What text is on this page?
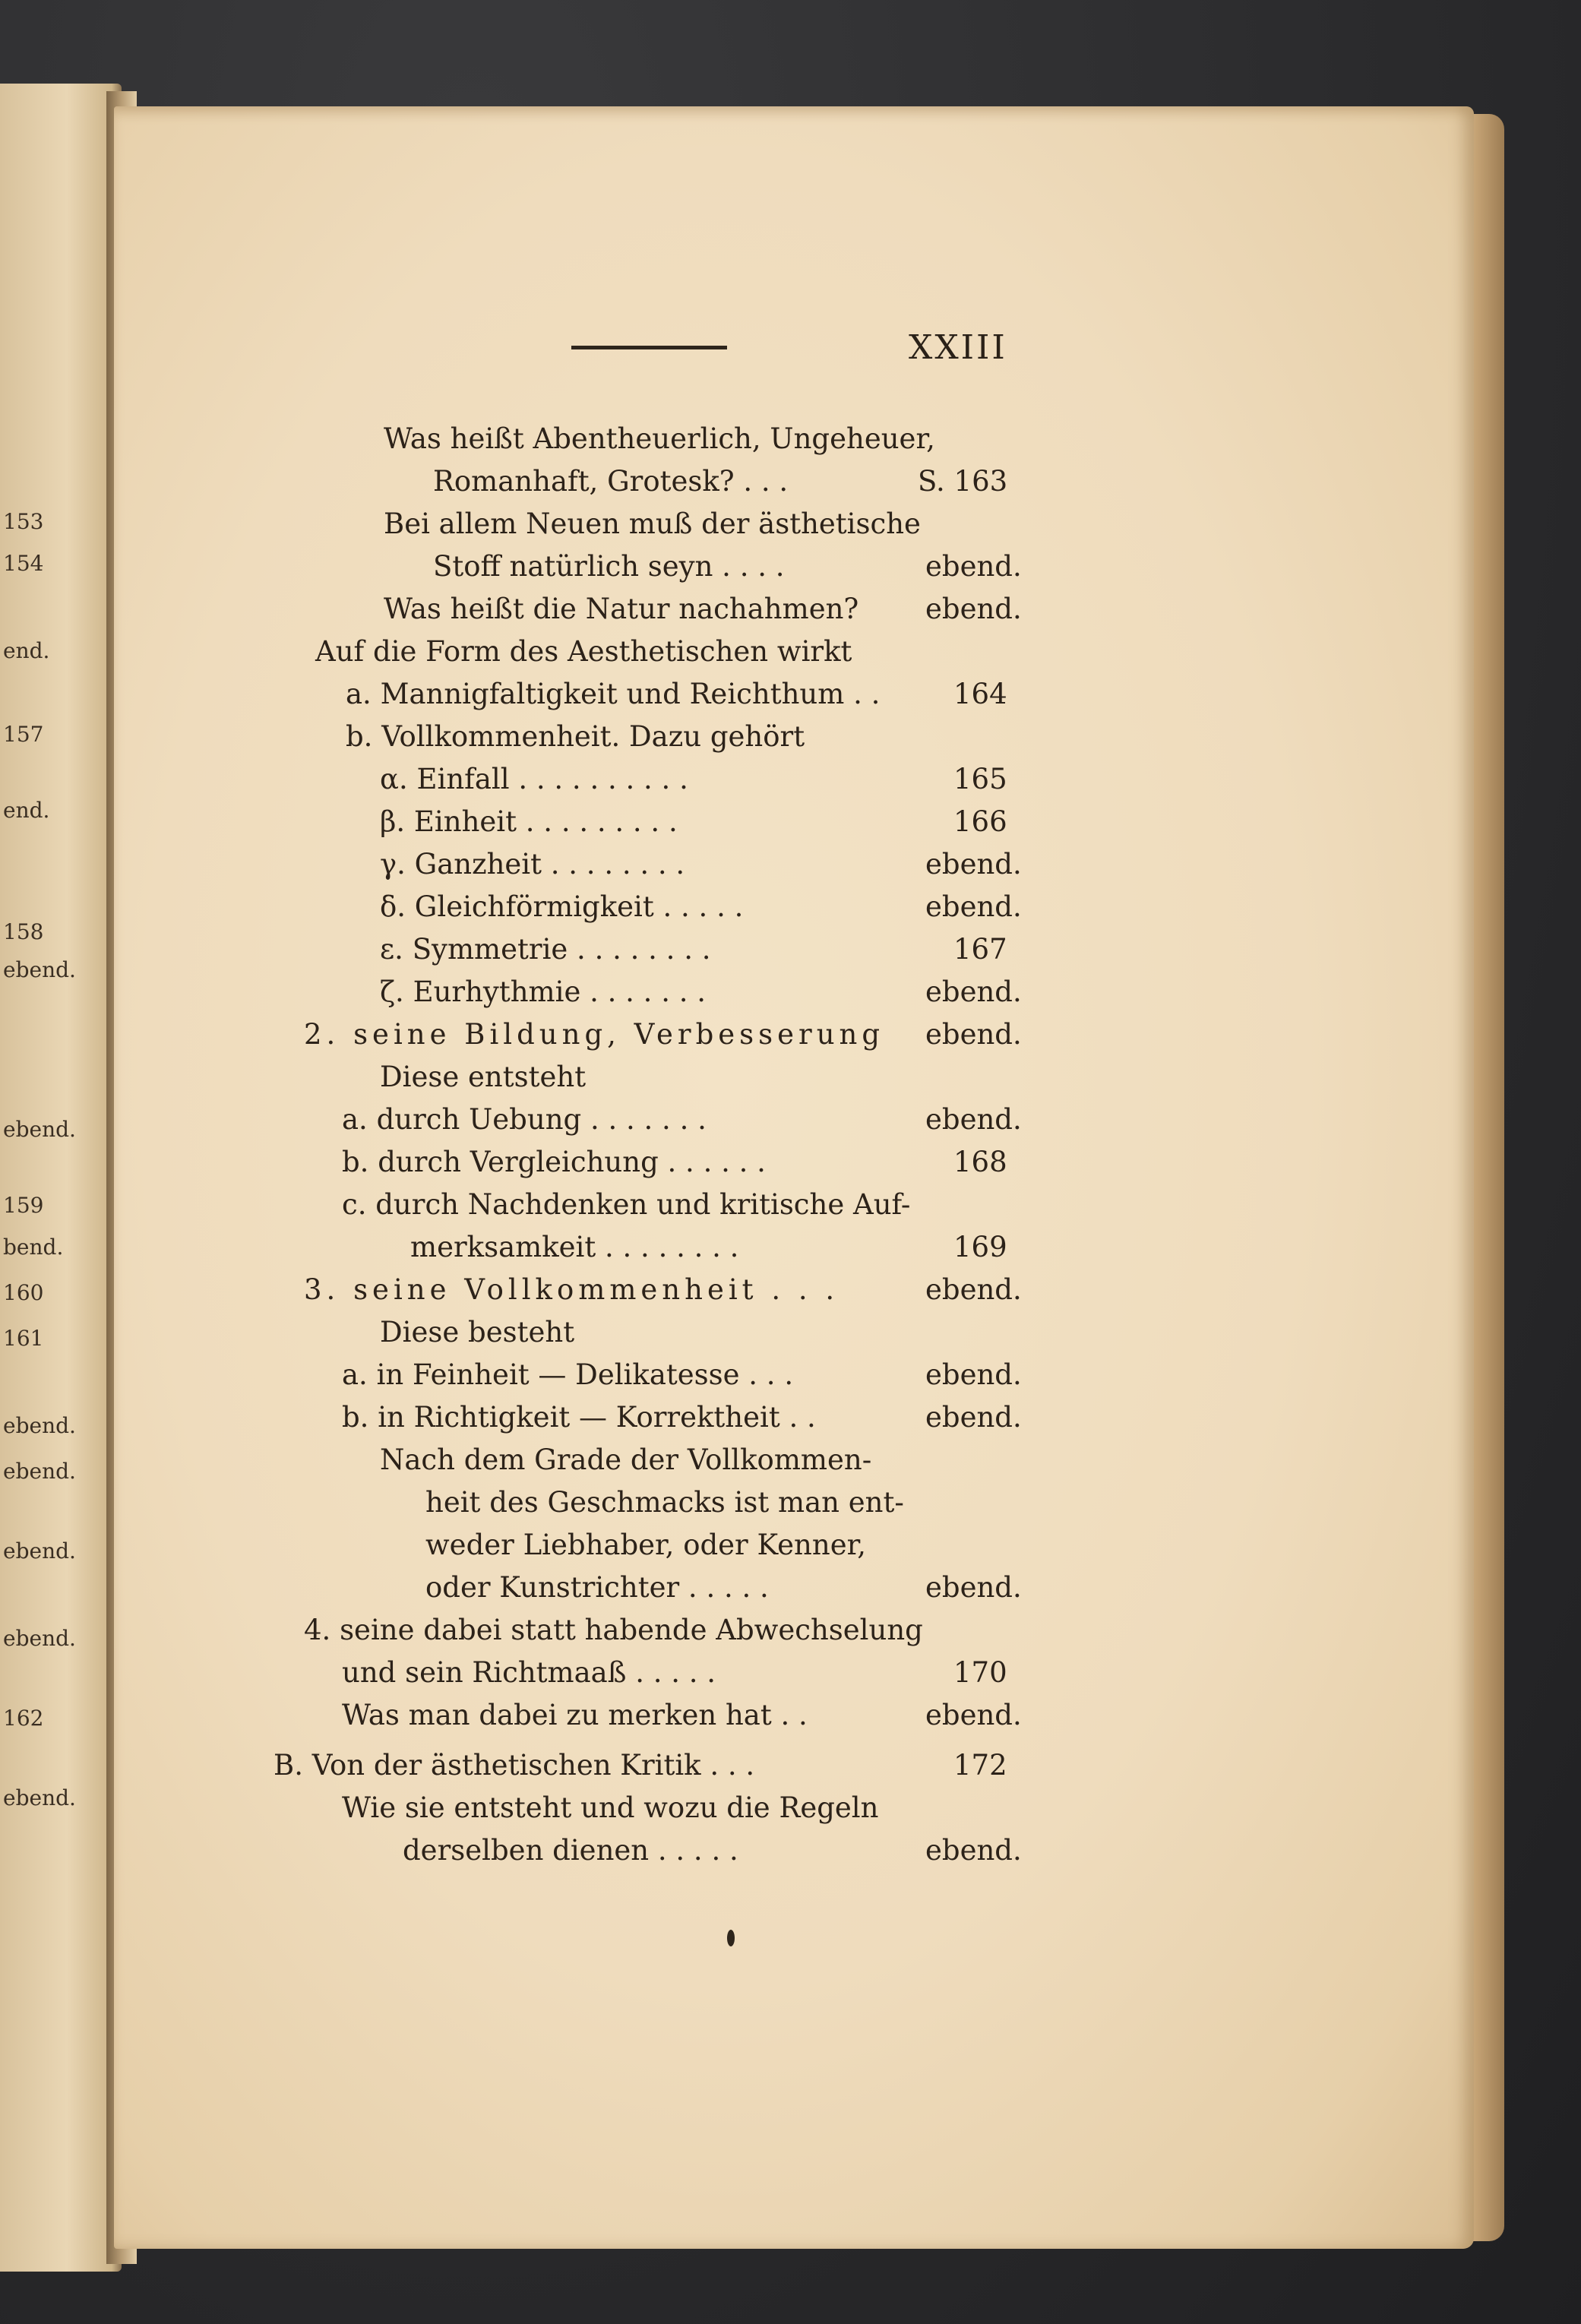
153
154
end.
157
end.
158
ebend.
ebend.
159
bend.
160
161
ebend.
ebend.
ebend.
ebend.
162
ebend.
XXIII
Was heißt Abentheuerlich, Ungeheuer,
Romanhaft, Grotesk? . . .	S. 163
Bei allem Neuen muß der ästhetische
Stoff natürlich seyn . . . .	ebend.
Was heißt die Natur nachahmen? ebend.
Auf die Form des Aesthetischen wirkt
a. Mannigfaltigkeit und Reichthum . .	164
b. Vollkommenheit. Dazu gehört
α. Einfall . . . . . . . . . .	165
β. Einheit . . . . . . . . .	166
γ. Ganzheit . . . . . . . .	ebend.
δ. Gleichförmigkeit . . . . .	ebend.
ε. Symmetrie . . . . . . . .	167
ζ. Eurhythmie . . . . . . .	ebend.
2. seine Bildung, Verbesserung ebend.
Diese entsteht
a. durch Uebung . . . . . . .	ebend.
b. durch Vergleichung . . . . . .	168
c. durch Nachdenken und kritische Auf-
merksamkeit . . . . . . . .	169
3. seine Vollkommenheit . . .	ebend.
Diese besteht
a. in Feinheit — Delikatesse . . .	ebend.
b. in Richtigkeit — Korrektheit . .	ebend.
Nach dem Grade der Vollkommen-
heit des Geschmacks ist man ent-
weder Liebhaber, oder Kenner,
oder Kunstrichter . . . . .	ebend.
4. seine dabei statt habende Abwechselung
und sein Richtmaaß . . . . .	170
Was man dabei zu merken hat . .	ebend.
B. Von der ästhetischen Kritik . . .	172
Wie sie entsteht und wozu die Regeln
derselben dienen . . . . .	ebend.
